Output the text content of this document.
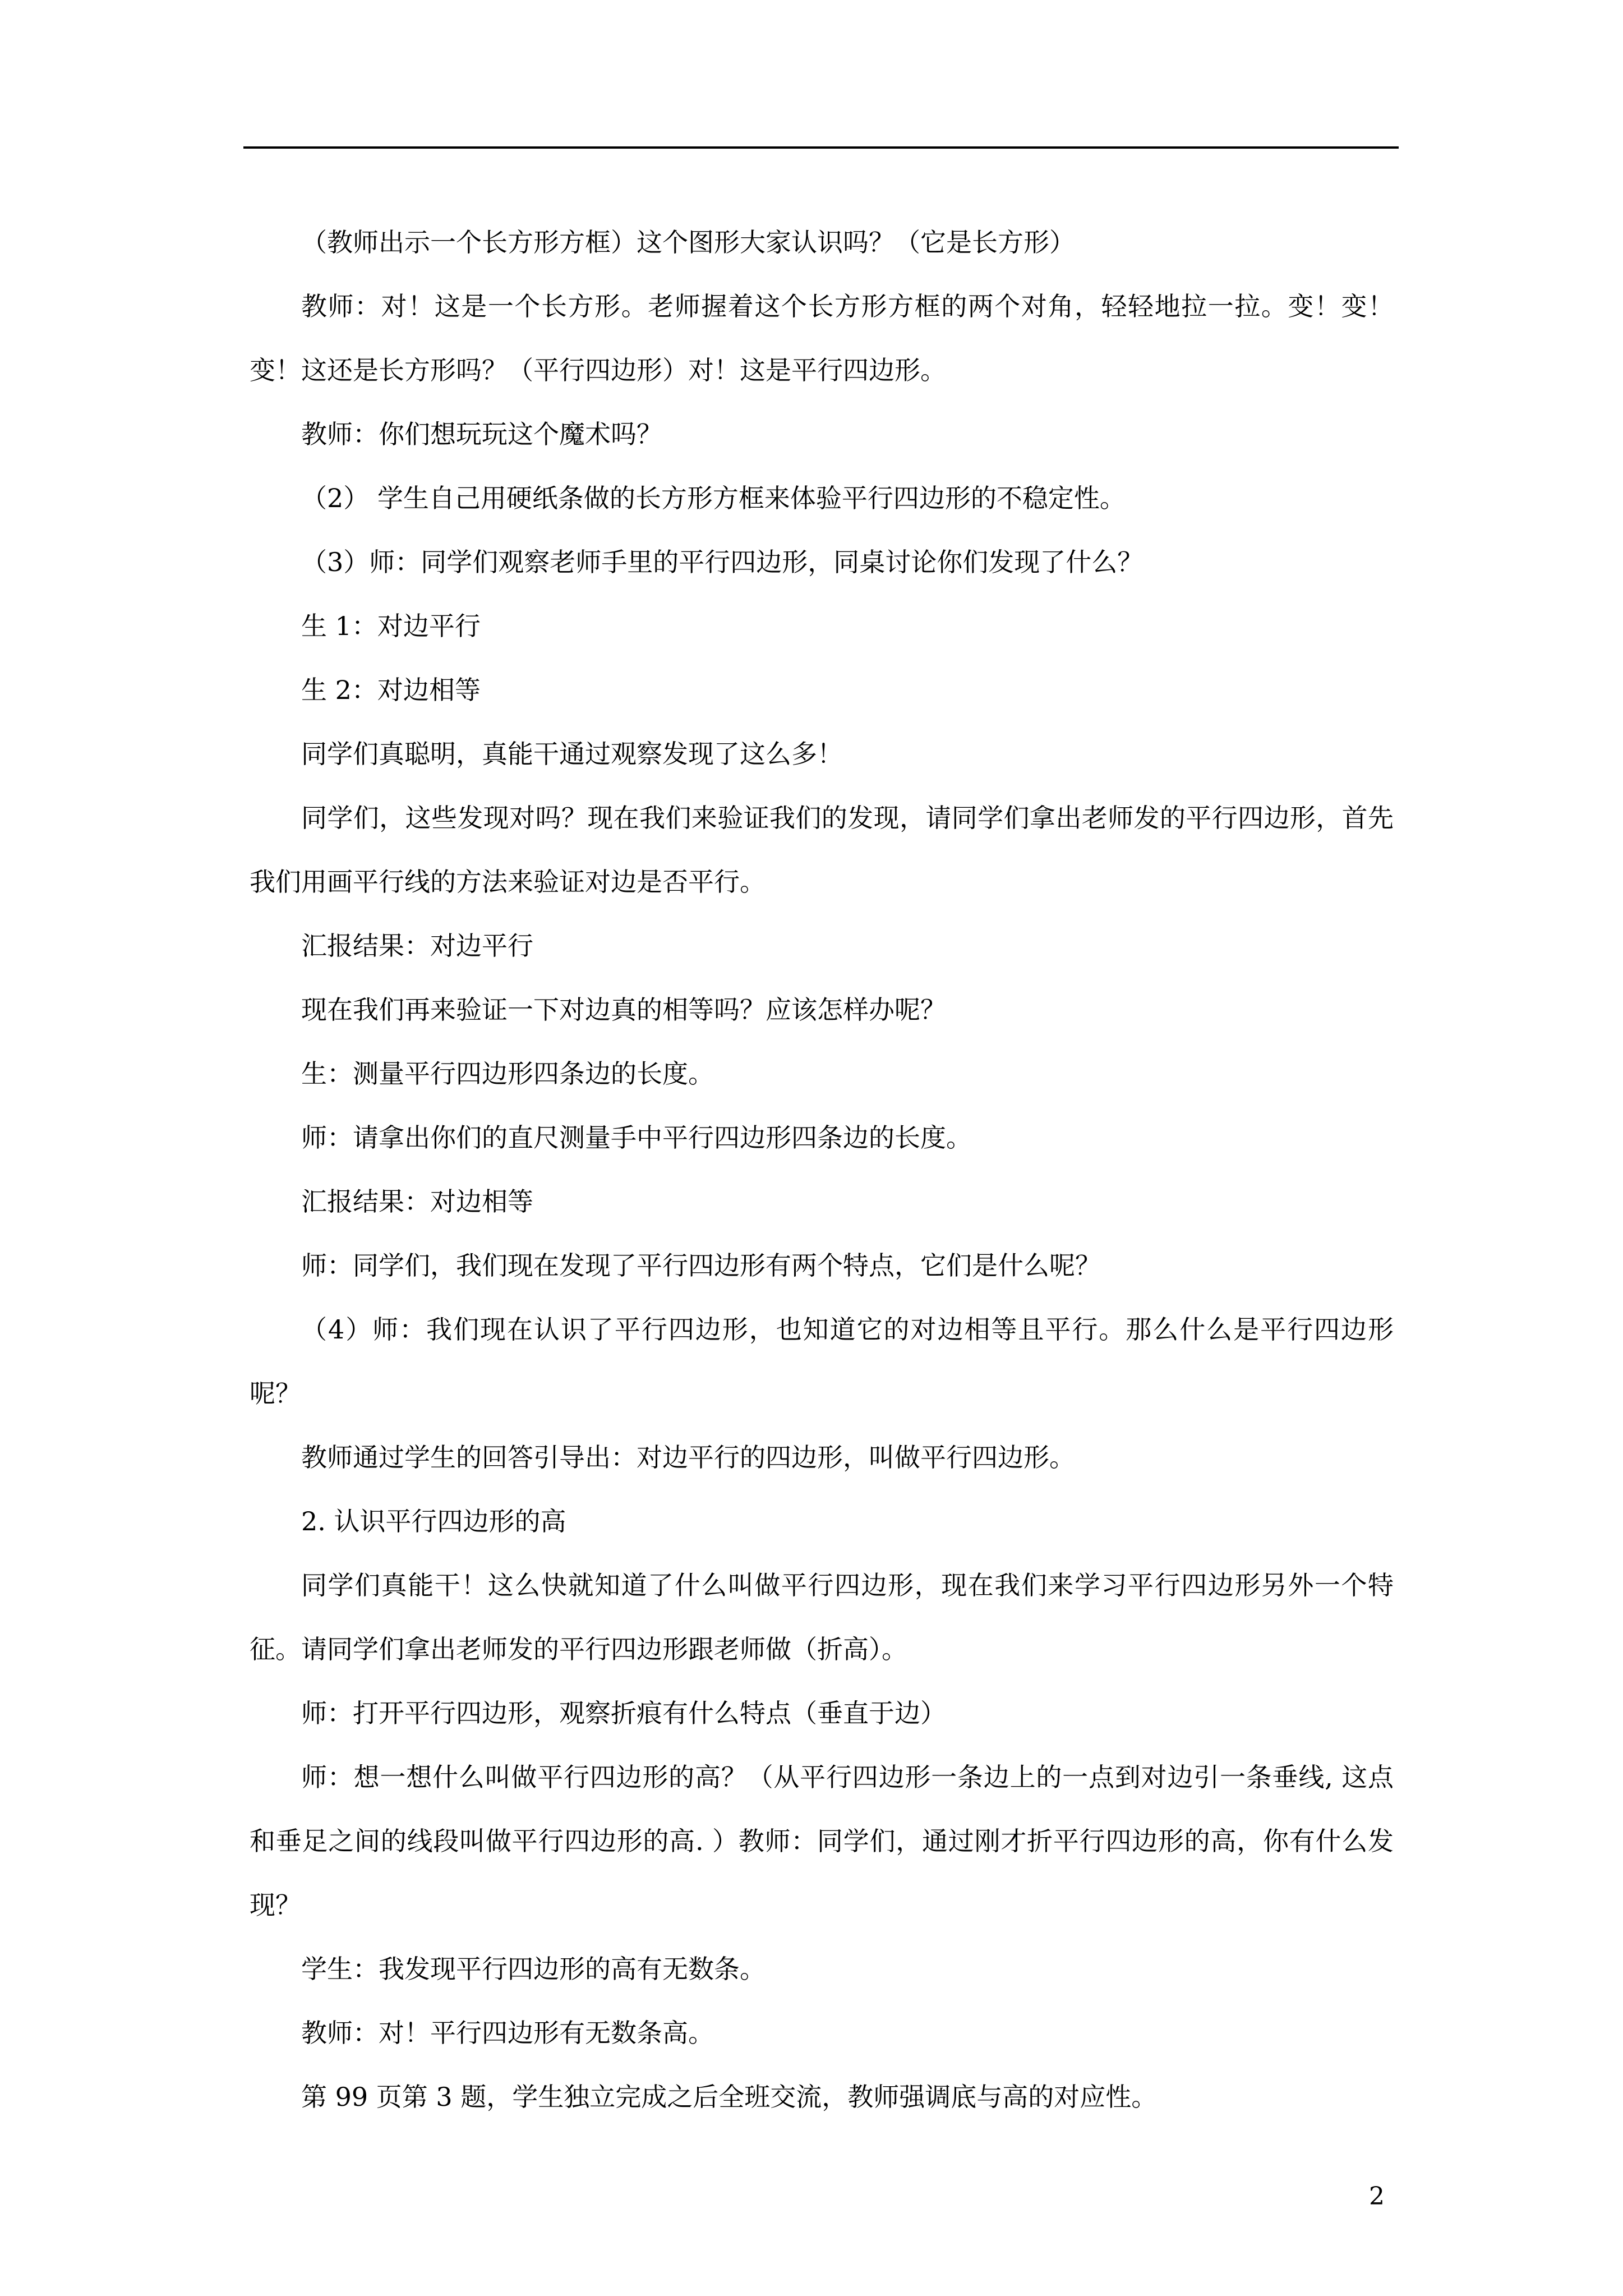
（教师出示一个长方形方框）这个图形大家认识吗？（它是长方形）

教师：对！这是一个长方形。老师握着这个长方形方框的两个对角，轻轻地拉一拉。变！变！变！这还是长方形吗？（平行四边形）对！这是平行四边形。

教师：你们想玩玩这个魔术吗？

（2） 学生自己用硬纸条做的长方形方框来体验平行四边形的不稳定性。

（3）师：同学们观察老师手里的平行四边形，同桌讨论你们发现了什么？

生 1：对边平行

生 2：对边相等

同学们真聪明，真能干通过观察发现了这么多！

同学们，这些发现对吗？现在我们来验证我们的发现，请同学们拿出老师发的平行四边形，首先我们用画平行线的方法来验证对边是否平行。

汇报结果：对边平行

现在我们再来验证一下对边真的相等吗？应该怎样办呢？

生：测量平行四边形四条边的长度。

师：请拿出你们的直尺测量手中平行四边形四条边的长度。

汇报结果：对边相等

师：同学们，我们现在发现了平行四边形有两个特点，它们是什么呢？

（4）师：我们现在认识了平行四边形，也知道它的对边相等且平行。那么什么是平行四边形呢？

教师通过学生的回答引导出：对边平行的四边形，叫做平行四边形。

2. 认识平行四边形的高

同学们真能干！这么快就知道了什么叫做平行四边形，现在我们来学习平行四边形另外一个特征。请同学们拿出老师发的平行四边形跟老师做（折高）。

师：打开平行四边形，观察折痕有什么特点（垂直于边）

师：想一想什么叫做平行四边形的高？（从平行四边形一条边上的一点到对边引一条垂线, 这点和垂足之间的线段叫做平行四边形的高. ）教师：同学们，通过刚才折平行四边形的高，你有什么发现？

学生：我发现平行四边形的高有无数条。

教师：对！平行四边形有无数条高。

第 99 页第 3 题，学生独立完成之后全班交流，教师强调底与高的对应性。

2
